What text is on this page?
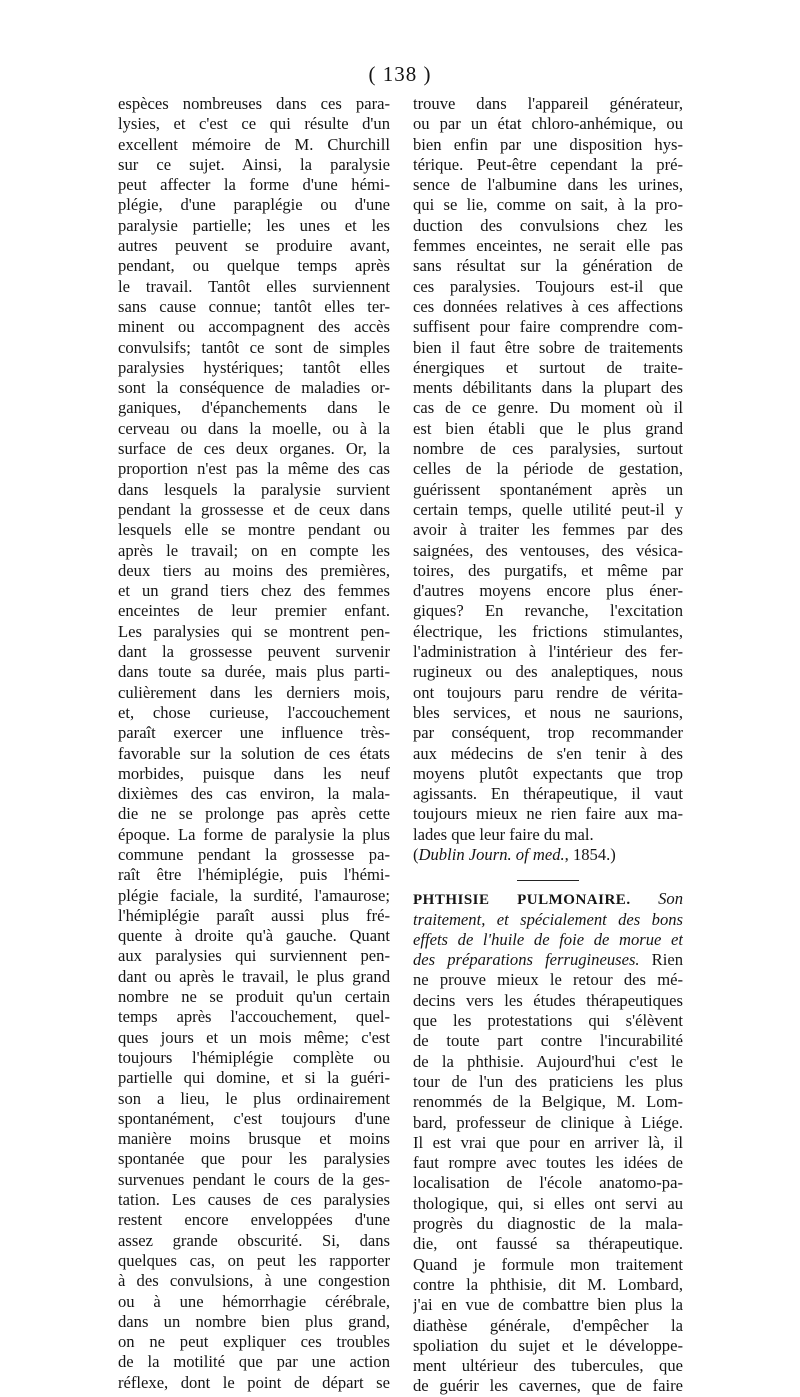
( 138 )
espèces nombreuses dans ces para-
lysies, et c'est ce qui résulte d'un
excellent mémoire de M. Churchill
sur ce sujet. Ainsi, la paralysie
peut affecter la forme d'une hémi-
plégie, d'une paraplégie ou d'une
paralysie partielle; les unes et les
autres peuvent se produire avant,
pendant, ou quelque temps après
le travail. Tantôt elles surviennent
sans cause connue; tantôt elles ter-
minent ou accompagnent des accès
convulsifs; tantôt ce sont de simples
paralysies hystériques; tantôt elles
sont la conséquence de maladies or-
ganiques, d'épanchements dans le
cerveau ou dans la moelle, ou à la
surface de ces deux organes. Or, la
proportion n'est pas la même des cas
dans lesquels la paralysie survient
pendant la grossesse et de ceux dans
lesquels elle se montre pendant ou
après le travail; on en compte les
deux tiers au moins des premières,
et un grand tiers chez des femmes
enceintes de leur premier enfant.
Les paralysies qui se montrent pen-
dant la grossesse peuvent survenir
dans toute sa durée, mais plus parti-
culièrement dans les derniers mois,
et, chose curieuse, l'accouchement
paraît exercer une influence très-
favorable sur la solution de ces états
morbides, puisque dans les neuf
dixièmes des cas environ, la mala-
die ne se prolonge pas après cette
époque. La forme de paralysie la plus
commune pendant la grossesse pa-
raît être l'hémiplégie, puis l'hémi-
plégie faciale, la surdité, l'amaurose;
l'hémiplégie paraît aussi plus fré-
quente à droite qu'à gauche. Quant
aux paralysies qui surviennent pen-
dant ou après le travail, le plus grand
nombre ne se produit qu'un certain
temps après l'accouchement, quel-
ques jours et un mois même; c'est
toujours l'hémiplégie complète ou
partielle qui domine, et si la guéri-
son a lieu, le plus ordinairement
spontanément, c'est toujours d'une
manière moins brusque et moins
spontanée que pour les paralysies
survenues pendant le cours de la ges-
tation. Les causes de ces paralysies
restent encore enveloppées d'une
assez grande obscurité. Si, dans
quelques cas, on peut les rapporter
à des convulsions, à une congestion
ou à une hémorrhagie cérébrale,
dans un nombre bien plus grand,
on ne peut expliquer ces troubles
de la motilité que par une action
réflexe, dont le point de départ se
trouve dans l'appareil générateur,
ou par un état chloro-anhémique, ou
bien enfin par une disposition hys-
térique. Peut-être cependant la pré-
sence de l'albumine dans les urines,
qui se lie, comme on sait, à la pro-
duction des convulsions chez les
femmes enceintes, ne serait elle pas
sans résultat sur la génération de
ces paralysies. Toujours est-il que
ces données relatives à ces affections
suffisent pour faire comprendre com-
bien il faut être sobre de traitements
énergiques et surtout de traite-
ments débilitants dans la plupart des
cas de ce genre. Du moment où il
est bien établi que le plus grand
nombre de ces paralysies, surtout
celles de la période de gestation,
guérissent spontanément après un
certain temps, quelle utilité peut-il y
avoir à traiter les femmes par des
saignées, des ventouses, des vésica-
toires, des purgatifs, et même par
d'autres moyens encore plus éner-
giques? En revanche, l'excitation
électrique, les frictions stimulantes,
l'administration à l'intérieur des fer-
rugineux ou des analeptiques, nous
ont toujours paru rendre de vérita-
bles services, et nous ne saurions,
par conséquent, trop recommander
aux médecins de s'en tenir à des
moyens plutôt expectants que trop
agissants. En thérapeutique, il vaut
toujours mieux ne rien faire aux ma-
lades que leur faire du mal.
(Dublin Journ. of med., 1854.)
PHTHISIE PULMONAIRE. Son
traitement, et spécialement des bons
effets de l'huile de foie de morue et
des préparations ferrugineuses. Rien
ne prouve mieux le retour des mé-
decins vers les études thérapeutiques
que les protestations qui s'élèvent
de toute part contre l'incurabilité
de la phthisie. Aujourd'hui c'est le
tour de l'un des praticiens les plus
renommés de la Belgique, M. Lom-
bard, professeur de clinique à Liége.
Il est vrai que pour en arriver là, il
faut rompre avec toutes les idées de
localisation de l'école anatomo-pa-
thologique, qui, si elles ont servi au
progrès du diagnostic de la mala-
die, ont faussé sa thérapeutique.
Quand je formule mon traitement
contre la phthisie, dit M. Lombard,
j'ai en vue de combattre bien plus la
diathèse générale, d'empêcher la
spoliation du sujet et le développe-
ment ultérieur des tubercules, que
de guérir les cavernes, que de faire
